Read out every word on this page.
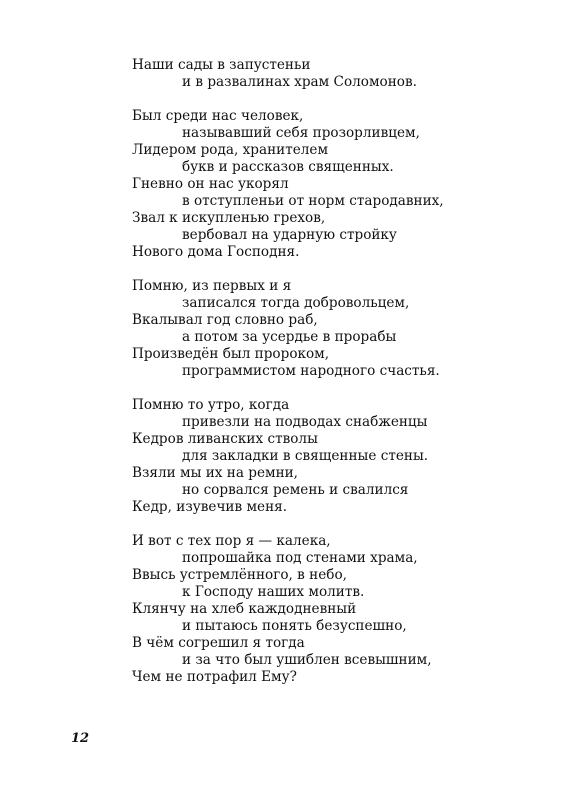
Наши сады в запустеньи
и в развалинах храм Соломонов.
Был среди нас человек,
называвший себя прозорливцем,
Лидером рода, хранителем
букв и рассказов священных.
Гневно он нас укорял
в отступленьи от норм стародавних,
Звал к искупленью грехов,
вербовал на ударную стройку
Нового дома Господня.
Помню, из первых и я
записался тогда добровольцем,
Вкалывал год словно раб,
а потом за усердье в прорабы
Произведён был пророком,
программистом народного счастья.
Помню то утро, когда
привезли на подводах снабженцы
Кедров ливанских стволы
для закладки в священные стены.
Взяли мы их на ремни,
но сорвался ремень и свалился
Кедр, изувечив меня.
И вот с тех пор я — калека,
попрошайка под стенами храма,
Ввысь устремлённого, в небо,
к Господу наших молитв.
Клянчу на хлеб каждодневный
и пытаюсь понять безуспешно,
В чём согрешил я тогда
и за что был ушиблен всевышним,
Чем не потрафил Ему?
12
